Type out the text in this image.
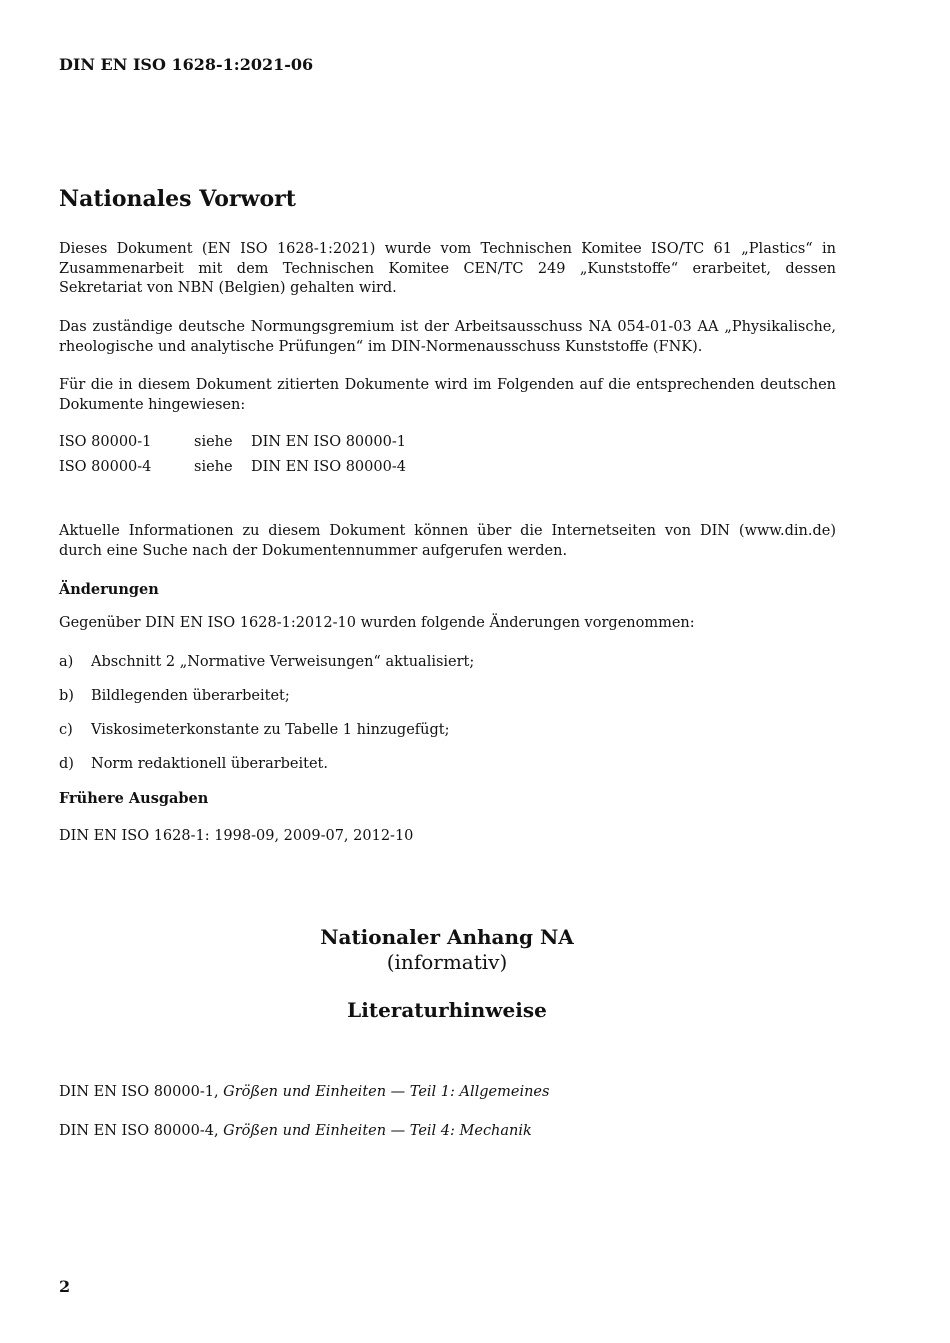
DIN EN ISO 1628-1:2021-06
Nationales Vorwort
Dieses Dokument (EN ISO 1628-1:2021) wurde vom Technischen Komitee ISO/TC 61 „Plastics“ in Zusammenarbeit mit dem Technischen Komitee CEN/TC 249 „Kunststoffe“ erarbeitet, dessen Sekretariat von NBN (Belgien) gehalten wird.
Das zuständige deutsche Normungsgremium ist der Arbeitsausschuss NA 054-01-03 AA „Physikalische, rheologische und analytische Prüfungen“ im DIN-Normenausschuss Kunststoffe (FNK).
Für die in diesem Dokument zitierten Dokumente wird im Folgenden auf die entsprechenden deutschen Dokumente hingewiesen:
ISO 80000-1	siehe	DIN EN ISO 80000-1
ISO 80000-4	siehe	DIN EN ISO 80000-4
Aktuelle Informationen zu diesem Dokument können über die Internetseiten von DIN (www.din.de) durch eine Suche nach der Dokumentennummer aufgerufen werden.
Änderungen
Gegenüber DIN EN ISO 1628-1:2012-10 wurden folgende Änderungen vorgenommen:
a) Abschnitt 2 „Normative Verweisungen“ aktualisiert;
b) Bildlegenden überarbeitet;
c) Viskosimeterkonstante zu Tabelle 1 hinzugefügt;
d) Norm redaktionell überarbeitet.
Frühere Ausgaben
DIN EN ISO 1628-1: 1998-09, 2009-07, 2012-10
Nationaler Anhang NA
(informativ)
Literaturhinweise
DIN EN ISO 80000-1, Größen und Einheiten — Teil 1: Allgemeines
DIN EN ISO 80000-4, Größen und Einheiten — Teil 4: Mechanik
2
